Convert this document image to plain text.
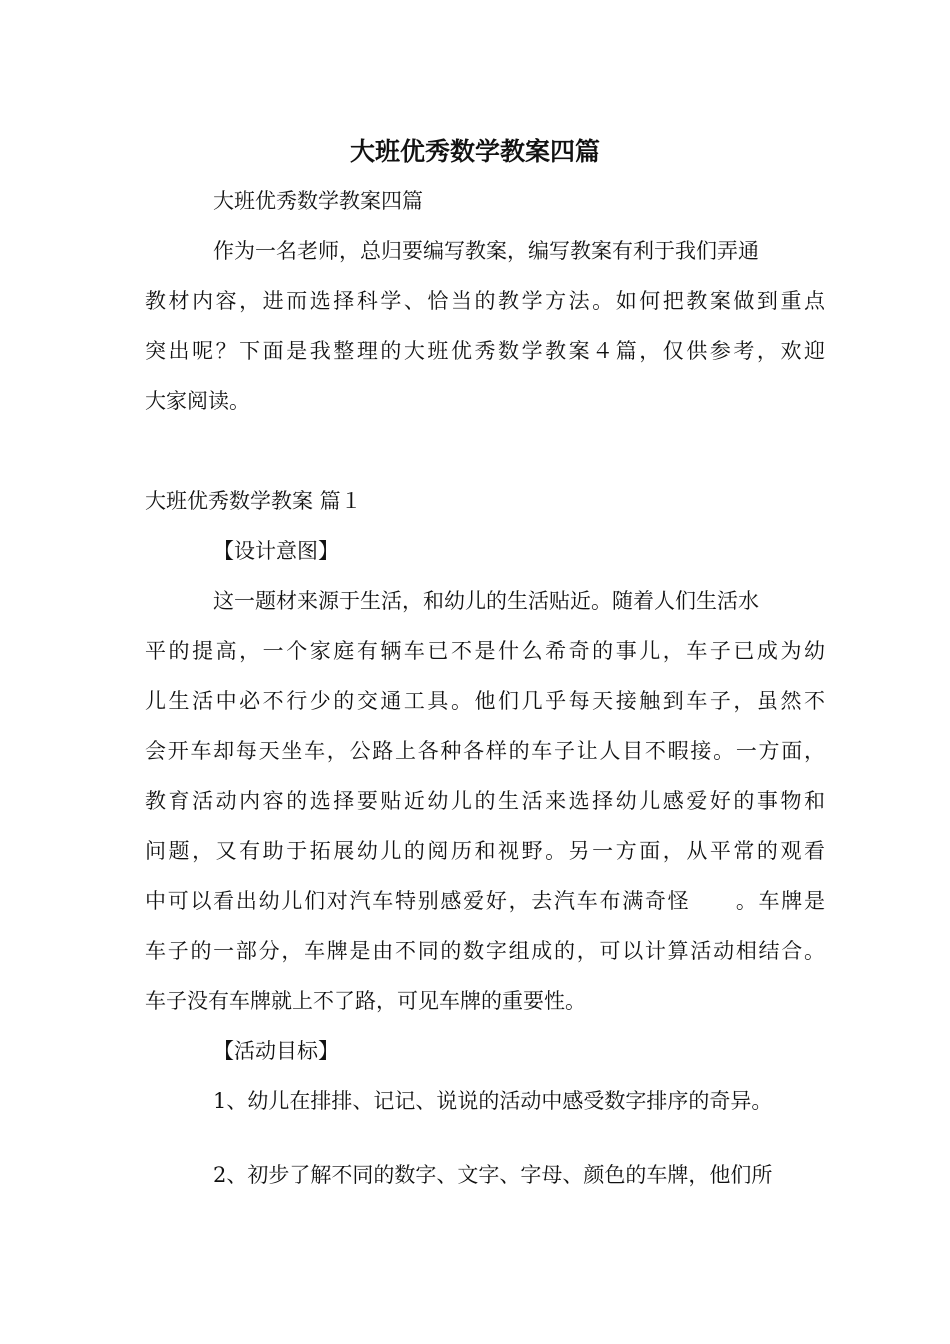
大班优秀数学教案四篇
大班优秀数学教案四篇
作为一名老师，总归要编写教案，编写教案有利于我们弄通
教材内容，进而选择科学、恰当的教学方法。如何把教案做到重点
突出呢？下面是我整理的大班优秀数学教案４篇，仅供参考，欢迎
大家阅读。
大班优秀数学教案 篇１
【设计意图】
这一题材来源于生活，和幼儿的生活贴近。随着人们生活水
平的提高，一个家庭有辆车已不是什么希奇的事儿，车子已成为幼
儿生活中必不行少的交通工具。他们几乎每天接触到车子，虽然不
会开车却每天坐车，公路上各种各样的车子让人目不暇接。一方面，
教育活动内容的选择要贴近幼儿的生活来选择幼儿感爱好的事物和
问题，又有助于拓展幼儿的阅历和视野。另一方面，从平常的观看
中可以看出幼儿们对汽车特别感爱好，去汽车布满奇怪　　。车牌是
车子的一部分，车牌是由不同的数字组成的，可以计算活动相结合。
车子没有车牌就上不了路，可见车牌的重要性。
【活动目标】
1、幼儿在排排、记记、说说的活动中感受数字排序的奇异。
2、初步了解不同的数字、文字、字母、颜色的车牌，他们所
